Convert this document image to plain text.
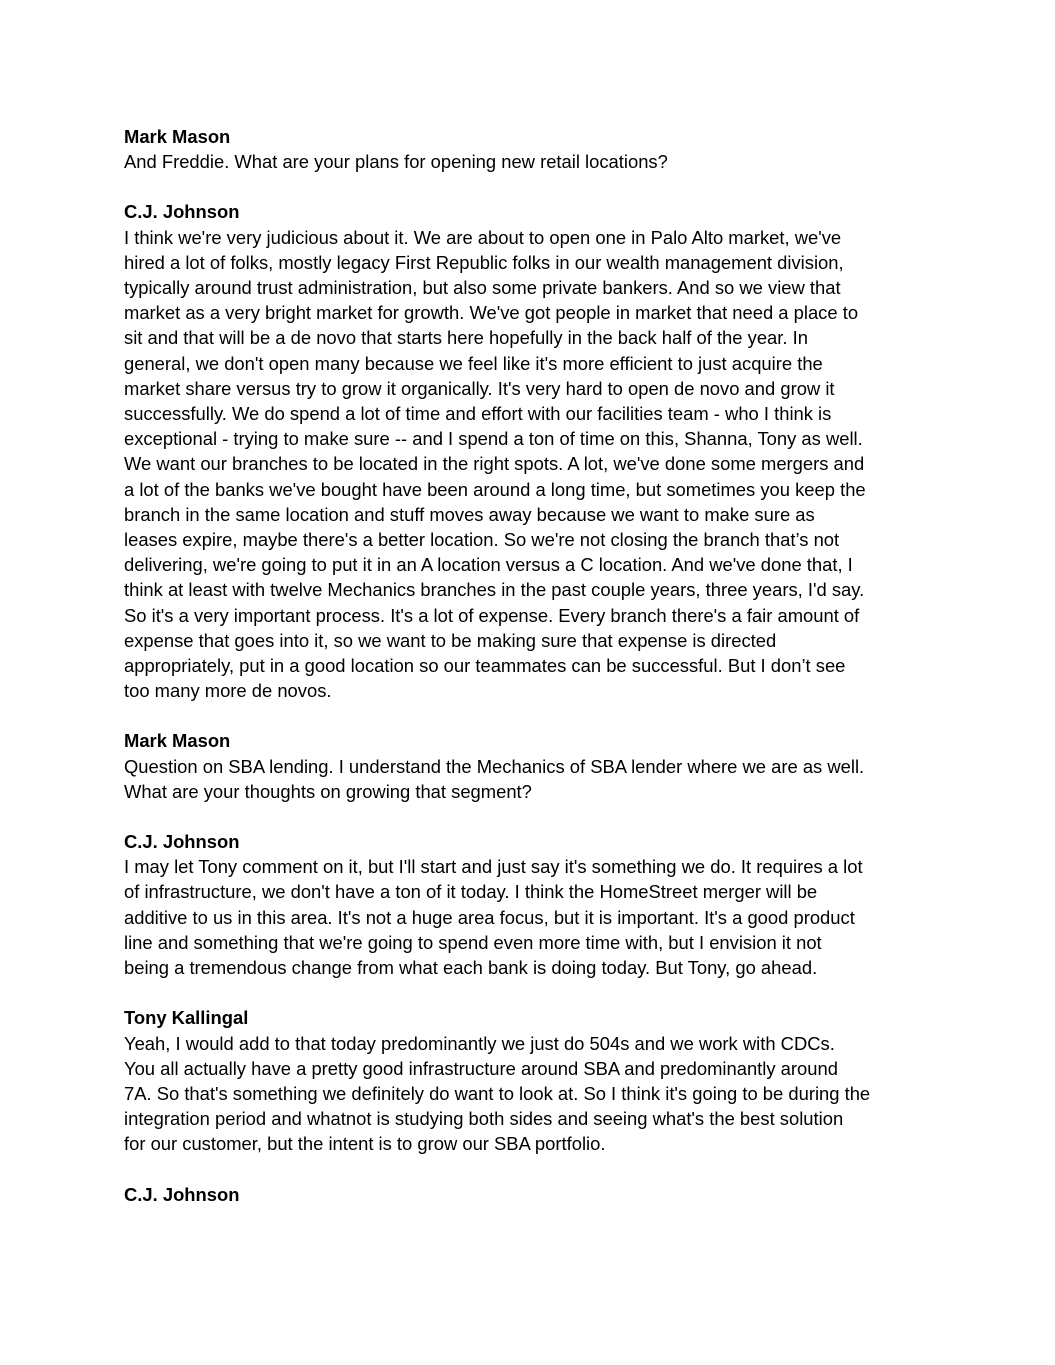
Mark Mason

And Freddie. What are your plans for opening new retail locations?

C.J. Johnson

I think we're very judicious about it. We are about to open one in Palo Alto market, we've
hired a lot of folks, mostly legacy First Republic folks in our wealth management division,
typically around trust administration, but also some private bankers. And so we view that
market as a very bright market for growth. We've got people in market that need a place to
sit and that will be a de novo that starts here hopefully in the back half of the year. In
general, we don't open many because we feel like it's more efficient to just acquire the
market share versus try to grow it organically. It's very hard to open de novo and grow it
successfully. We do spend a lot of time and effort with our facilities team - who I think is
exceptional - trying to make sure -- and I spend a ton of time on this, Shanna, Tony as well.
We want our branches to be located in the right spots. A lot, we've done some mergers and
a lot of the banks we've bought have been around a long time, but sometimes you keep the
branch in the same location and stuff moves away because we want to make sure as
leases expire, maybe there's a better location. So we're not closing the branch that’s not
delivering, we're going to put it in an A location versus a C location. And we've done that, I
think at least with twelve Mechanics branches in the past couple years, three years, I'd say.
So it's a very important process. It's a lot of expense. Every branch there's a fair amount of
expense that goes into it, so we want to be making sure that expense is directed
appropriately, put in a good location so our teammates can be successful. But I don’t see
too many more de novos.

Mark Mason

Question on SBA lending. I understand the Mechanics of SBA lender where we are as well.
What are your thoughts on growing that segment?

C.J. Johnson

I may let Tony comment on it, but I'll start and just say it's something we do. It requires a lot
of infrastructure, we don't have a ton of it today. I think the HomeStreet merger will be
additive to us in this area. It's not a huge area focus, but it is important. It's a good product
line and something that we're going to spend even more time with, but I envision it not
being a tremendous change from what each bank is doing today. But Tony, go ahead.

Tony Kallingal

Yeah, I would add to that today predominantly we just do 504s and we work with CDCs.
You all actually have a pretty good infrastructure around SBA and predominantly around
7A. So that's something we definitely do want to look at. So I think it's going to be during the
integration period and whatnot is studying both sides and seeing what's the best solution
for our customer, but the intent is to grow our SBA portfolio.

C.J. Johnson
